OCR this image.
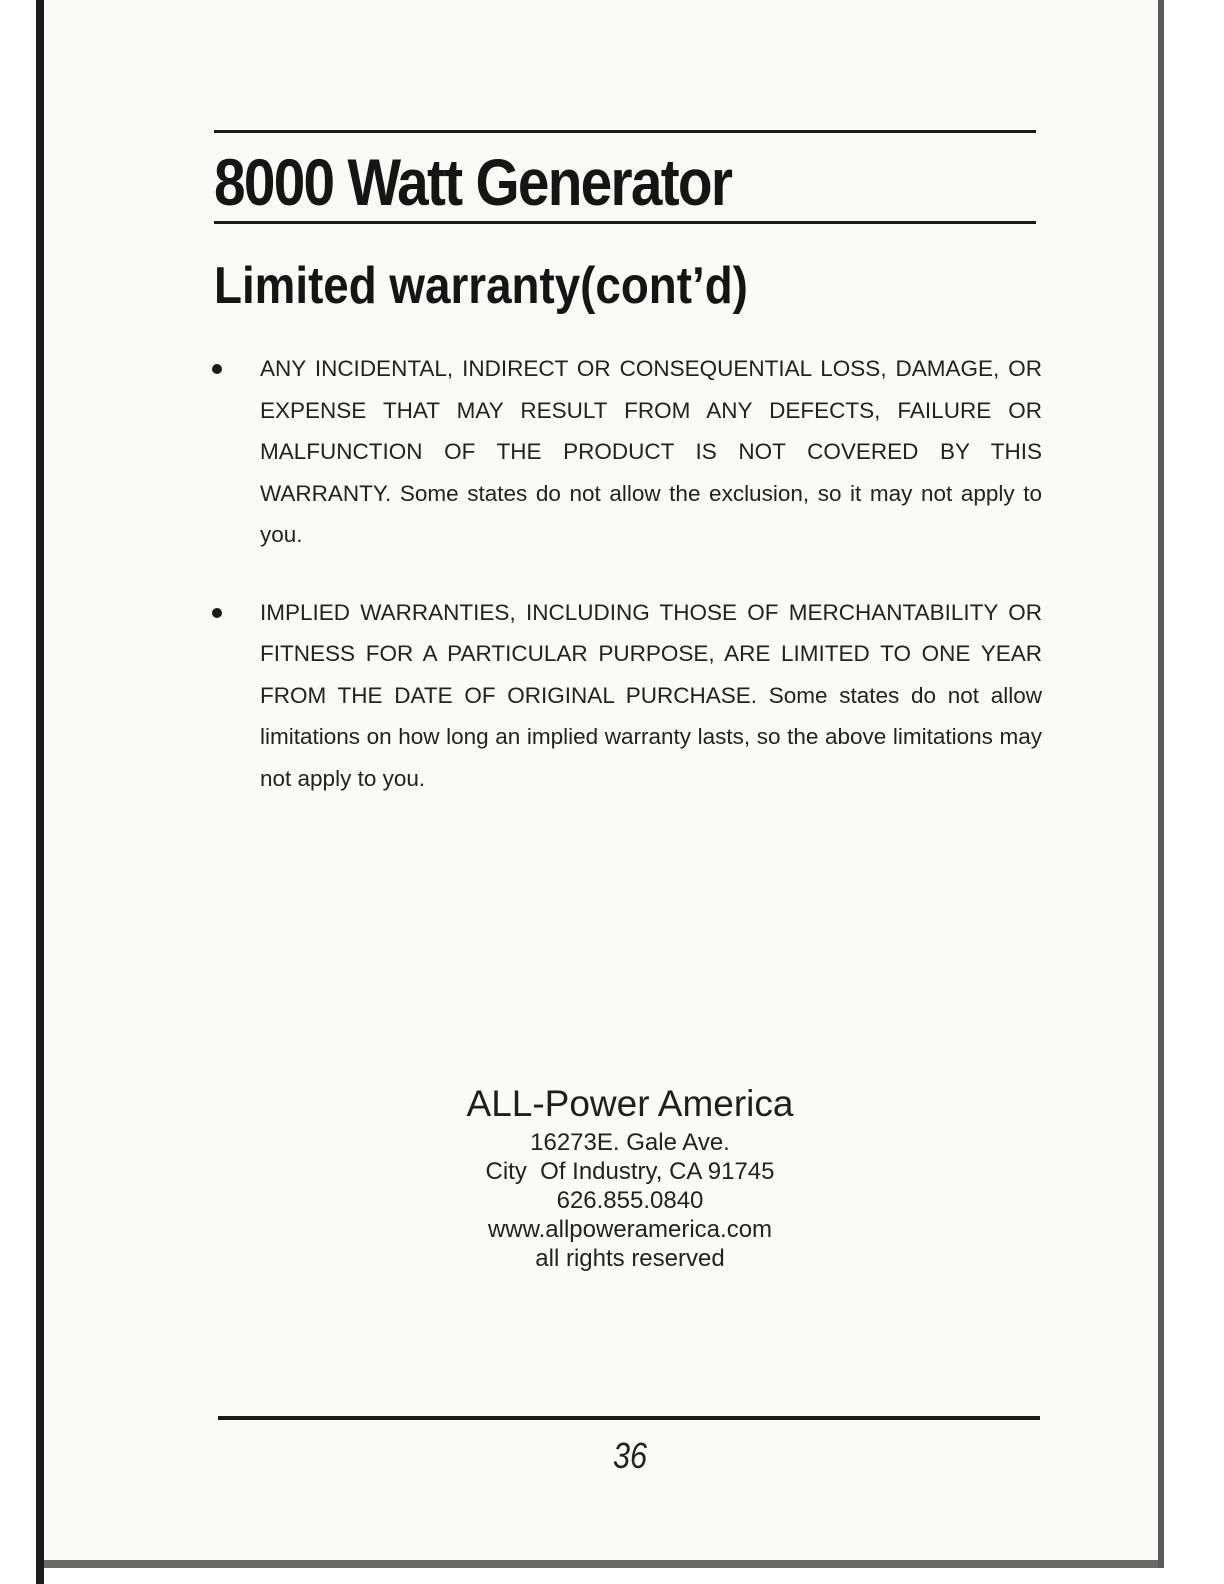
8000 Watt Generator
Limited warranty(cont’d)
ANY INCIDENTAL, INDIRECT OR CONSEQUENTIAL LOSS, DAMAGE, OR EXPENSE THAT MAY RESULT FROM ANY DEFECTS, FAILURE OR MALFUNCTION OF THE PRODUCT IS NOT COVERED BY THIS WARRANTY. Some states do not allow the exclusion, so it may not apply to you.
IMPLIED WARRANTIES, INCLUDING THOSE OF MERCHANTABILITY OR FITNESS FOR A PARTICULAR PURPOSE, ARE LIMITED TO ONE YEAR FROM THE DATE OF ORIGINAL PURCHASE. Some states do not allow limitations on how long an implied warranty lasts, so the above limitations may not apply to you.
ALL-Power America
16273E. Gale Ave.
City  Of Industry, CA 91745
626.855.0840
www.allpoweramerica.com
all rights reserved
36
